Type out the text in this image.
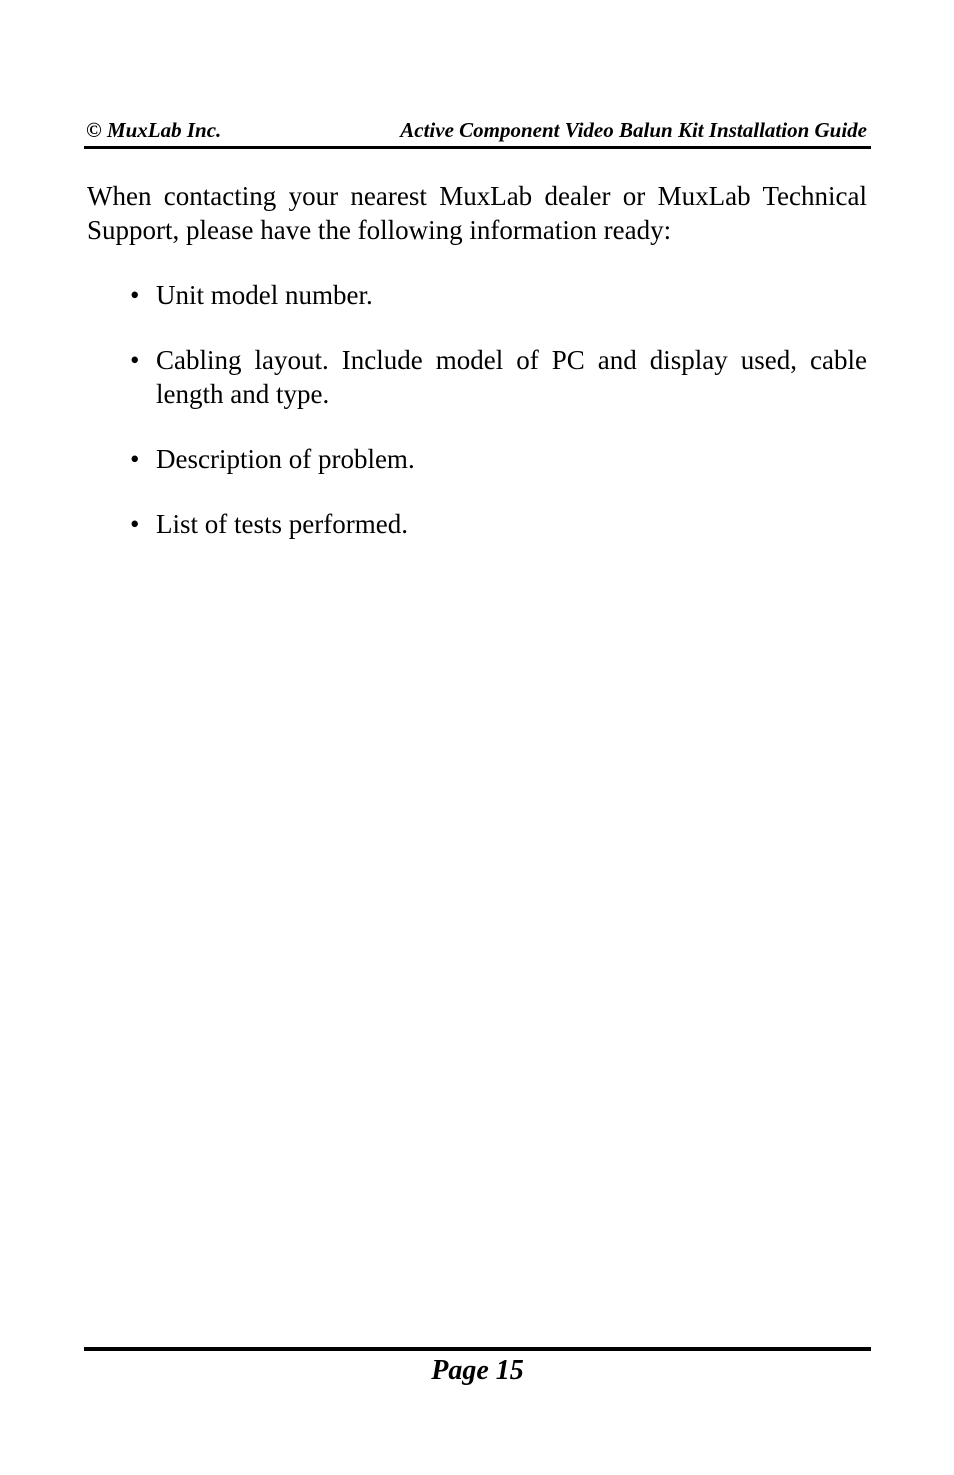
© MuxLab Inc.	Active Component Video Balun Kit Installation Guide

When contacting your nearest MuxLab dealer or MuxLab Technical Support, please have the following information ready:

• Unit model number.
• Cabling layout. Include model of PC and display used, cable length and type.
• Description of problem.
• List of tests performed.
Page 15
